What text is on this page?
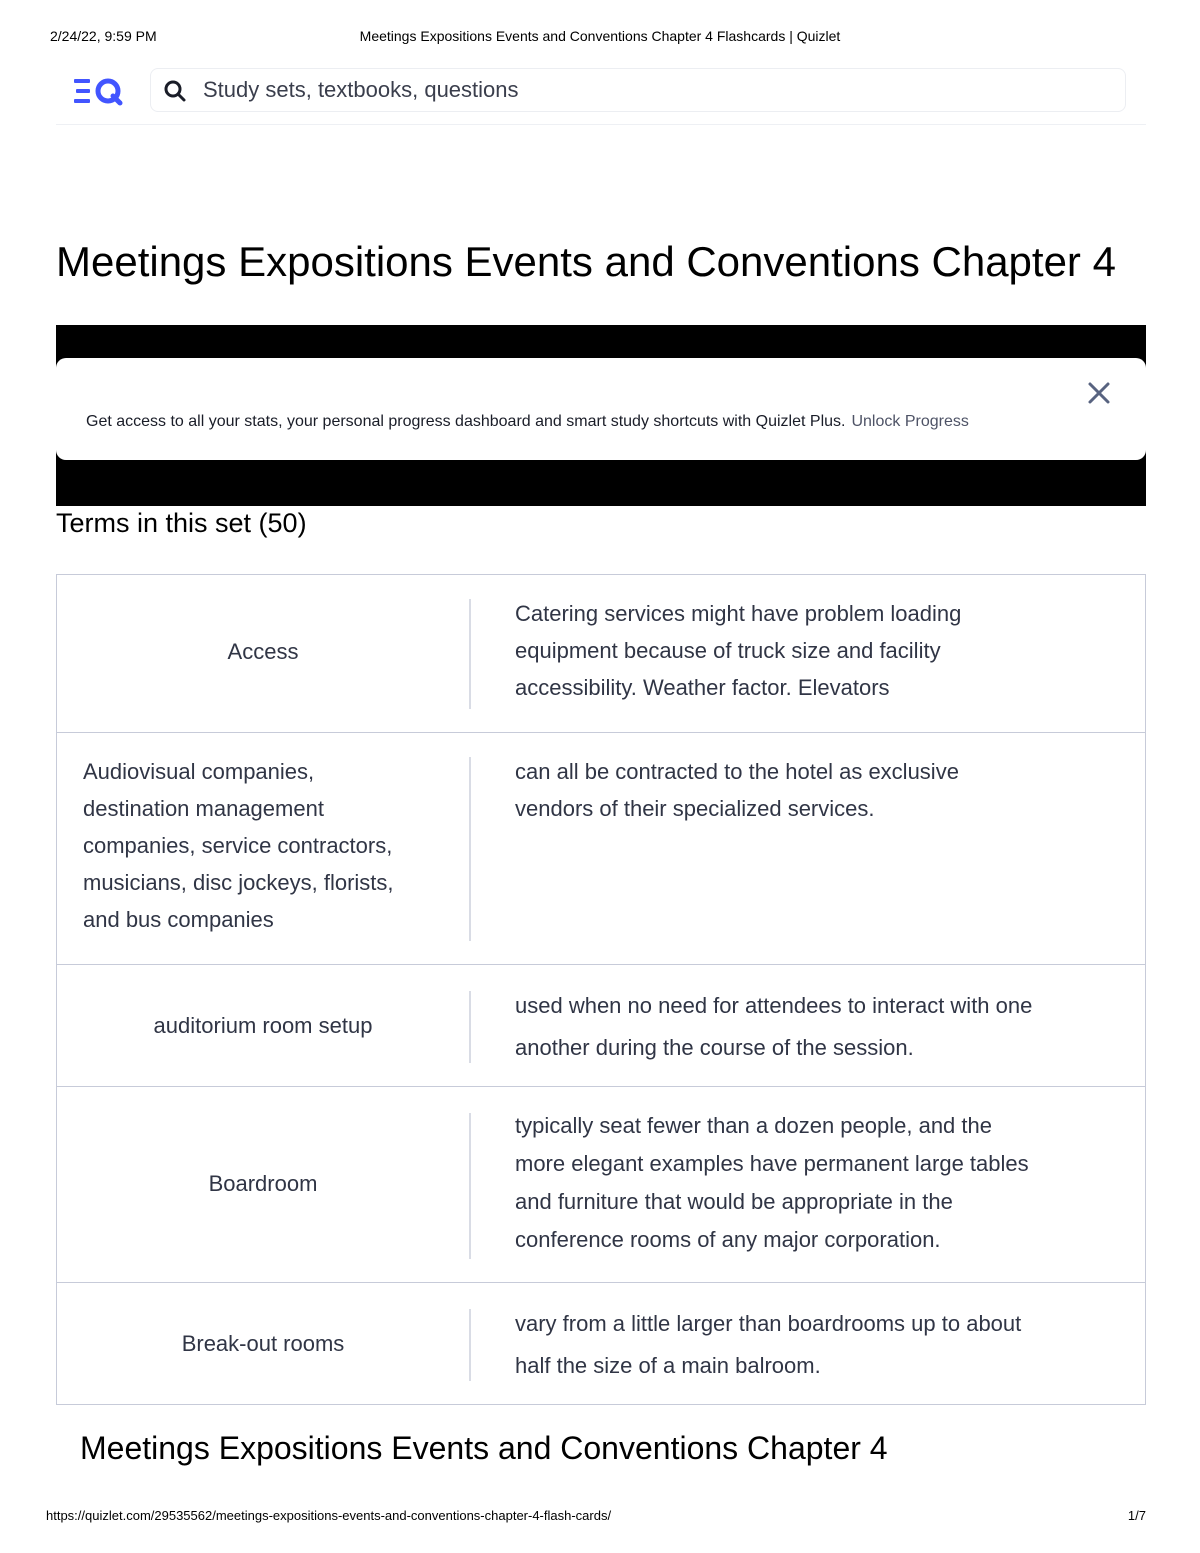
2/24/22, 9:59 PM	Meetings Expositions Events and Conventions Chapter 4 Flashcards | Quizlet
Study sets, textbooks, questions
Meetings Expositions Events and Conventions Chapter 4
Get access to all your stats, your personal progress dashboard and smart study shortcuts with Quizlet Plus. Unlock Progress
Terms in this set (50)
Access
Catering services might have problem loading
equipment because of truck size and facility
accessibility. Weather factor. Elevators
Audiovisual companies,
destination management
companies, service contractors,
musicians, disc jockeys, florists,
and bus companies
can all be contracted to the hotel as exclusive
vendors of their specialized services.
auditorium room setup
used when no need for attendees to interact with one
another during the course of the session.
Boardroom
typically seat fewer than a dozen people, and the
more elegant examples have permanent large tables
and furniture that would be appropriate in the
conference rooms of any major corporation.
Break-out rooms
vary from a little larger than boardrooms up to about
half the size of a main balroom.
Meetings Expositions Events and Conventions Chapter 4
https://quizlet.com/29535562/meetings-expositions-events-and-conventions-chapter-4-flash-cards/	1/7
